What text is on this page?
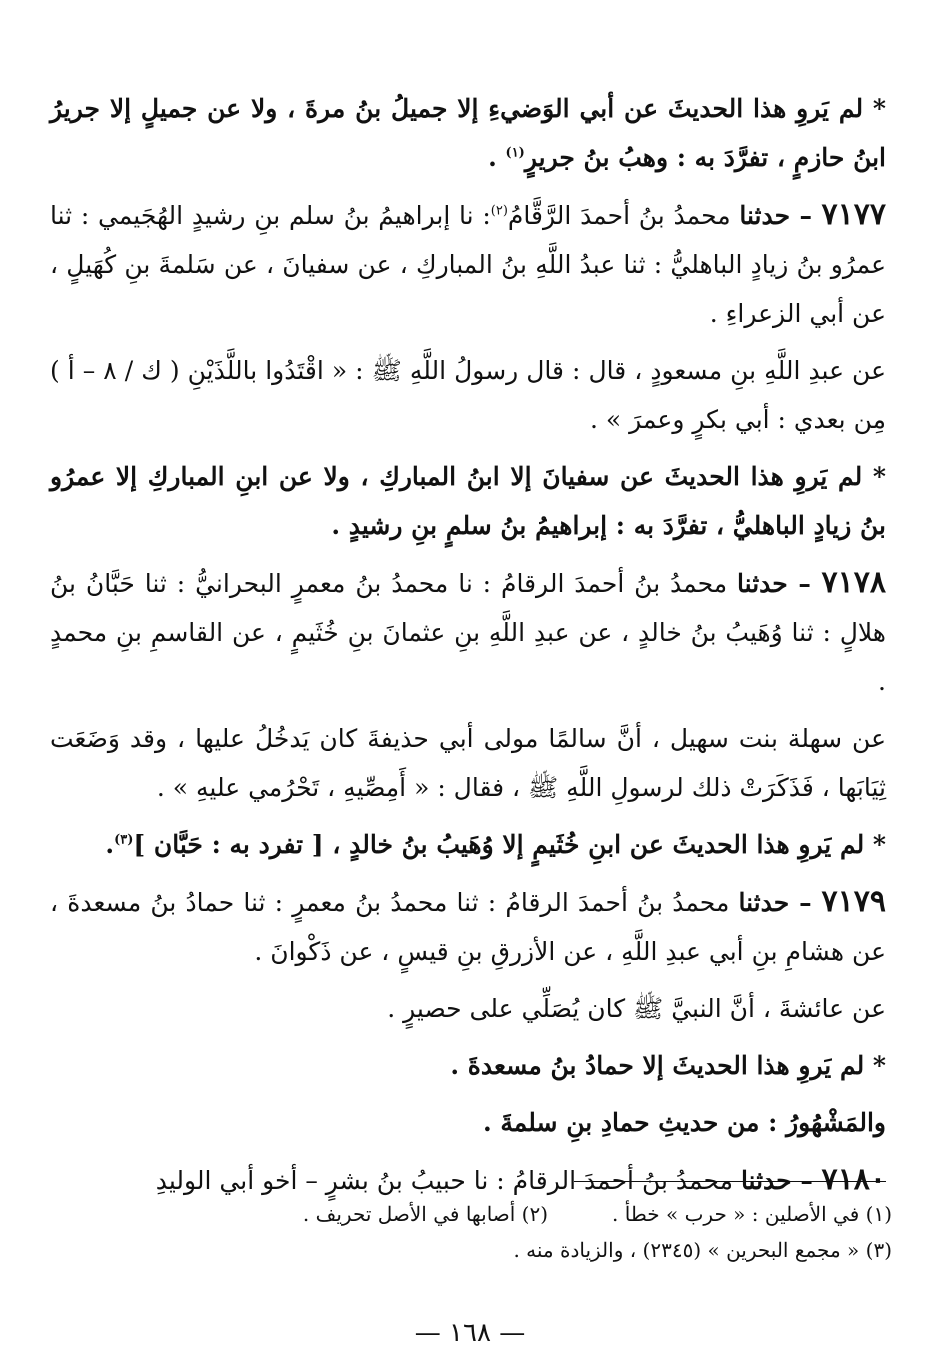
* لم يَروِ هذا الحديثَ عن أبي الوَضيءِ إلا جميلُ بنُ مرةَ ، ولا عن جميلٍ إلا جريرُ ابنُ حازمٍ ، تفرَّدَ به : وهبُ بنُ جريرٍ$^{(١)}$ .

٧١٧٧ – حدثنا محمدُ بنُ أحمدَ الرَّقَّامُ$^{(٢)}$: نا إبراهيمُ بنُ سلم بنِ رشيدٍ الهُجَيمي : ثنا عمرُو بنُ زيادٍ الباهليُّ : ثنا عبدُ اللَّهِ بنُ المباركِ ، عن سفيانَ ، عن سَلمةَ بنِ كُهَيلٍ ، عن أبي الزعراءِ .

عن عبدِ اللَّهِ بنِ مسعودٍ ، قال : قال رسولُ اللَّهِ ﷺ : « اقْتَدُوا باللَّذَيْنِ ( ك / ٨ – أ ) مِن بعدي : أبي بكرٍ وعمرَ » .

* لم يَروِ هذا الحديثَ عن سفيانَ إلا ابنُ المباركِ ، ولا عن ابنِ المباركِ إلا عمرُو بنُ زيادٍ الباهليُّ ، تفرَّدَ به : إبراهيمُ بنُ سلمٍ بنِ رشيدٍ .

٧١٧٨ – حدثنا محمدُ بنُ أحمدَ الرقامُ : نا محمدُ بنُ معمرٍ البحرانيُّ : ثنا حَبَّانُ بنُ هلالٍ : ثنا وُهَيبُ بنُ خالدٍ ، عن عبدِ اللَّهِ بنِ عثمانَ بنِ خُثَيمٍ ، عن القاسمِ بنِ محمدٍ .

عن سهلة بنت سهيل ، أنَّ سالمًا مولى أبي حذيفةَ كان يَدخُلُ عليها ، وقد وَضَعَت ثِيَابَها ، فَذَكَرَتْ ذلك لرسولِ اللَّهِ ﷺ ، فقال : « أَمِصِّيهِ ، تَحْرُمي عليهِ » .

* لم يَروِ هذا الحديثَ عن ابنِ خُثَيمٍ إلا وُهَيبُ بنُ خالدٍ ، [ تفرد به : حَبَّان ]$^{(٣)}$.

٧١٧٩ – حدثنا محمدُ بنُ أحمدَ الرقامُ : ثنا محمدُ بنُ معمرٍ : ثنا حمادُ بنُ مسعدةَ ، عن هشامِ بنِ أبي عبدِ اللَّهِ ، عن الأزرقِ بنِ قيسٍ ، عن ذَكْوانَ .

عن عائشةَ ، أنَّ النبيَّ ﷺ كان يُصَلِّي على حصيرٍ .

* لم يَروِ هذا الحديثَ إلا حمادُ بنُ مسعدةَ .

والمَشْهُورُ : من حديثِ حمادِ بنِ سلمةَ .

٧١٨٠ – حدثنا محمدُ بنُ أحمدَ الرقامُ : نا حبيبُ بنُ بشرٍ – أخو أبي الوليدِ

(١) في الأصلين : « حرب » خطأ .
(٢) أصابها في الأصل تحريف .
(٣) « مجمع البحرين » (٢٣٤٥) ، والزيادة منه .
— ١٦٨ —
